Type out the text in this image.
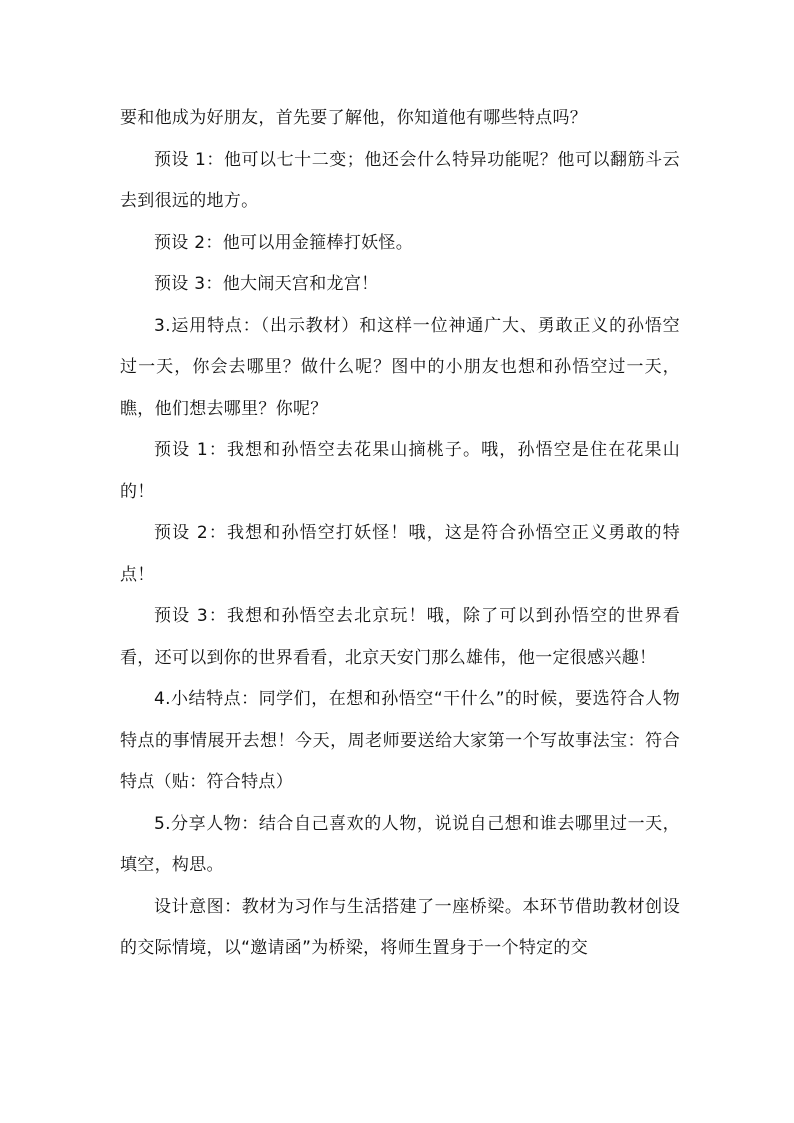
要和他成为好朋友，首先要了解他，你知道他有哪些特点吗？

预设 1：他可以七十二变；他还会什么特异功能呢？他可以翻筋斗云去到很远的地方。

预设 2：他可以用金箍棒打妖怪。

预设 3：他大闹天宫和龙宫！

3.运用特点：（出示教材）和这样一位神通广大、勇敢正义的孙悟空过一天，你会去哪里？做什么呢？图中的小朋友也想和孙悟空过一天，瞧，他们想去哪里？你呢？

预设 1：我想和孙悟空去花果山摘桃子。哦，孙悟空是住在花果山的！

预设 2：我想和孙悟空打妖怪！哦，这是符合孙悟空正义勇敢的特点！

预设 3：我想和孙悟空去北京玩！哦，除了可以到孙悟空的世界看看，还可以到你的世界看看，北京天安门那么雄伟，他一定很感兴趣！

4.小结特点：同学们，在想和孙悟空“干什么”的时候，要选符合人物特点的事情展开去想！今天，周老师要送给大家第一个写故事法宝：符合特点（贴：符合特点）

5.分享人物：结合自己喜欢的人物，说说自己想和谁去哪里过一天，填空，构思。

设计意图：教材为习作与生活搭建了一座桥梁。本环节借助教材创设的交际情境，以“邀请函”为桥梁，将师生置身于一个特定的交
